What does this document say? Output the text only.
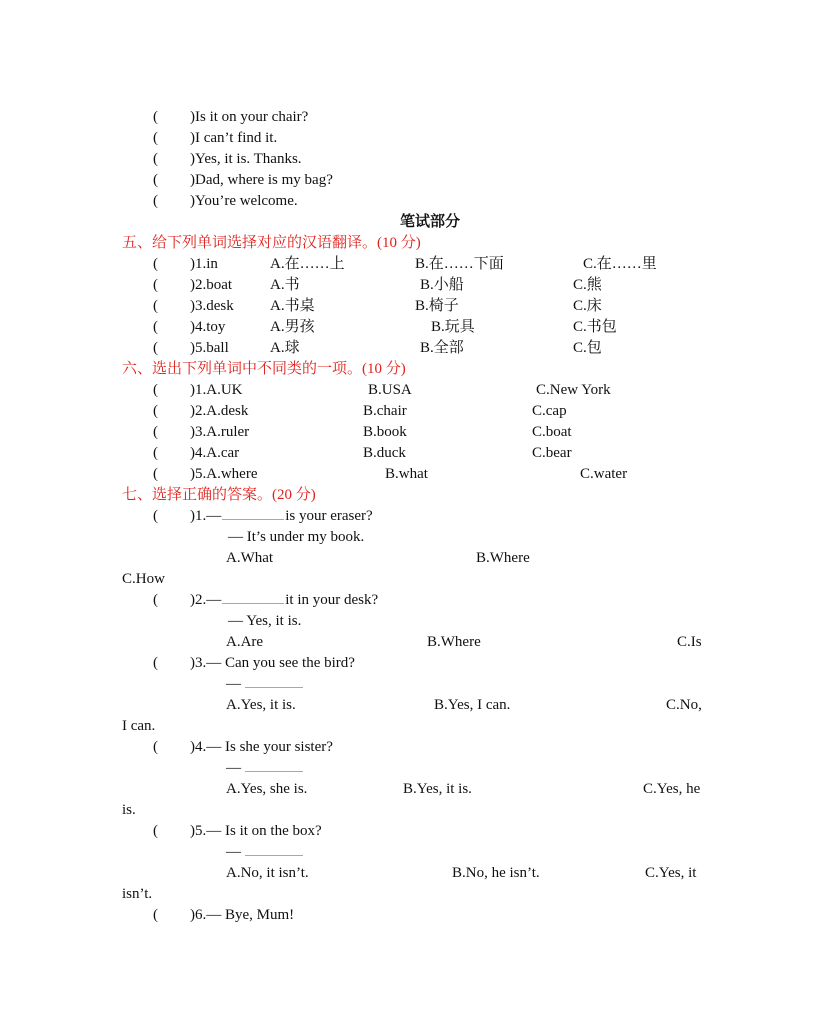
( )Is it on your chair?
( )I can’t find it.
( )Yes, it is. Thanks.
( )Dad, where is my bag?
( )You’re welcome.
笔试部分
五、给下列单词选择对应的汉语翻译。(10 分)
( )1.in	A.在……上	B.在……下面	C.在……里
( )2.boat	A.书	B.小船	C.熊
( )3.desk A.书桌	B.椅子	C.床
( )4.toy	A.男孩	B.玩具	C.书包
( )5.ball	A.球	B.全部	C.包
六、选出下列单词中不同类的一项。(10 分)
( )1.A.UK	B.USA	C.New York
( )2.A.desk	B.chair	C.cap
( )3.A.ruler	B.book	C.boat
( )4.A.car	B.duck	C.bear
( )5.A.where	B.what	C.water
七、选择正确的答案。(20 分)
( )1.—	is your eraser?
— It’s under my book.
A.What	B.Where
C.How
( )2.—	it in your desk?
— Yes, it is.
A.Are	B.Where	C.Is
( )3.— Can you see the bird?
—
A.Yes, it is.	B.Yes, I can.	C.No,
I can.
( )4.— Is she your sister?
—
A.Yes, she is.	B.Yes, it is.	C.Yes, he
is.
( )5.— Is it on the box?
—
A.No, it isn’t.	B.No, he isn’t.	C.Yes, it
isn’t.
( )6.— Bye, Mum!
